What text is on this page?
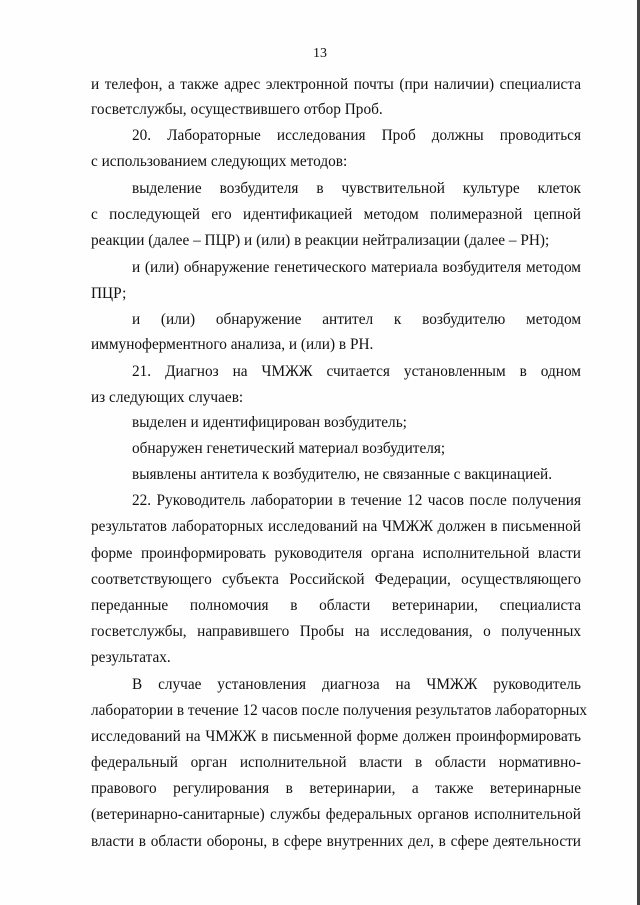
13
и телефон, а также адрес электронной почты (при наличии) специалиста
госветслужбы, осуществившего отбор Проб.
20. Лабораторные исследования Проб должны проводиться
с использованием следующих методов:
выделение возбудителя в чувствительной культуре клеток
с последующей его идентификацией методом полимеразной цепной
реакции (далее – ПЦР) и (или) в реакции нейтрализации (далее – РН);
и (или) обнаружение генетического материала возбудителя методом
ПЦР;
и (или) обнаружение антител к возбудителю методом
иммуноферментного анализа, и (или) в РН.
21. Диагноз на ЧМЖЖ считается установленным в одном
из следующих случаев:
выделен и идентифицирован возбудитель;
обнаружен генетический материал возбудителя;
выявлены антитела к возбудителю, не связанные с вакцинацией.
22. Руководитель лаборатории в течение 12 часов после получения
результатов лабораторных исследований на ЧМЖЖ должен в письменной
форме проинформировать руководителя органа исполнительной власти
соответствующего субъекта Российской Федерации, осуществляющего
переданные полномочия в области ветеринарии, специалиста
госветслужбы, направившего Пробы на исследования, о полученных
результатах.
В случае установления диагноза на ЧМЖЖ руководитель
лаборатории в течение 12 часов после получения результатов лабораторных
исследований на ЧМЖЖ в письменной форме должен проинформировать
федеральный орган исполнительной власти в области нормативно-
правового регулирования в ветеринарии, а также ветеринарные
(ветеринарно-санитарные) службы федеральных органов исполнительной
власти в области обороны, в сфере внутренних дел, в сфере деятельности
